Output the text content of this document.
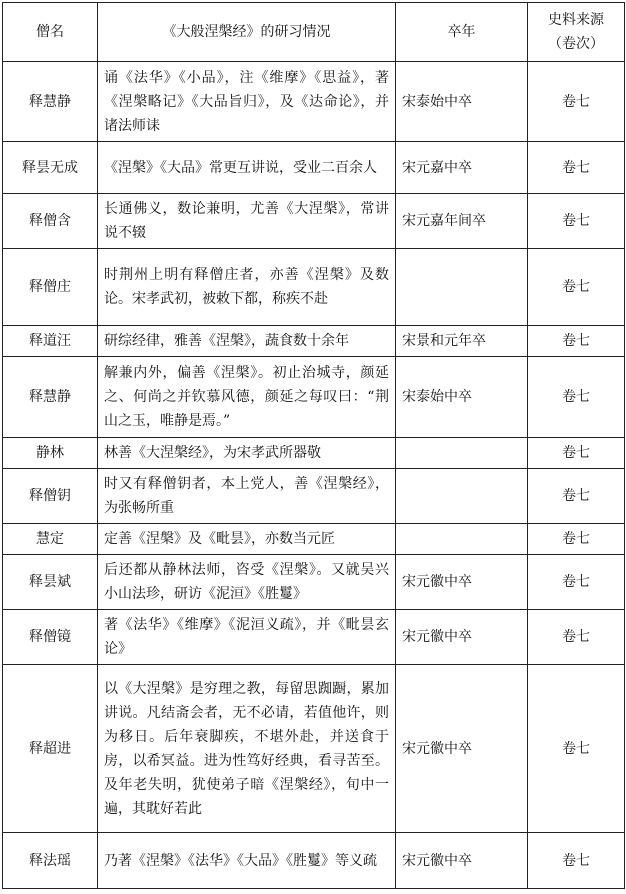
僧名	《大般涅槃经》的研习情况	卒年	史料来源
（卷次）
释慧静	诵《法华》《小品》，注《维摩》《思益》，著《涅槃略记》《大品旨归》，及《达命论》，并诸法师诔	宋泰始中卒	卷七
释昙无成	《涅槃》《大品》常更互讲说，受业二百余人	宋元嘉中卒	卷七
释僧含	长通佛义，数论兼明，尤善《大涅槃》，常讲说不辍	宋元嘉年间卒	卷七
释僧庄	时荆州上明有释僧庄者，亦善《涅槃》及数论。宋孝武初，被敕下都，称疾不赴		卷七
释道汪	研综经律，雅善《涅槃》，蔬食数十余年	宋景和元年卒	卷七
释慧静	解兼内外，偏善《涅槃》。初止治城寺，颜延之、何尚之并钦慕风德，颜延之每叹曰：“荆山之玉，唯静是焉。”	宋泰始中卒	卷七
静林	林善《大涅槃经》，为宋孝武所器敬		卷七
释僧钥	时又有释僧钥者，本上党人，善《涅槃经》，为张畅所重		卷七
慧定	定善《涅槃》及《毗昙》，亦数当元匠		卷七
释昙斌	后还都从静林法师，咨受《涅槃》。又就吴兴小山法珍，研访《泥洹》《胜鬘》	宋元徽中卒	卷七
释僧镜	著《法华》《维摩》《泥洹义疏》，并《毗昙玄论》	宋元徽中卒	卷七
释超进	以《大涅槃》是穷理之教，每留思踟蹰，累加讲说。凡结斋会者，无不必请，若值他许，则为移日。后年衰脚疾，不堪外赴，并送食于房，以希冥益。进为性笃好经典，看寻苦至。及年老失明，犹使弟子暗《涅槃经》，旬中一遍，其耽好若此	宋元徽中卒	卷七
释法瑶	乃著《涅槃》《法华》《大品》《胜鬘》等义疏	宋元徽中卒	卷七
